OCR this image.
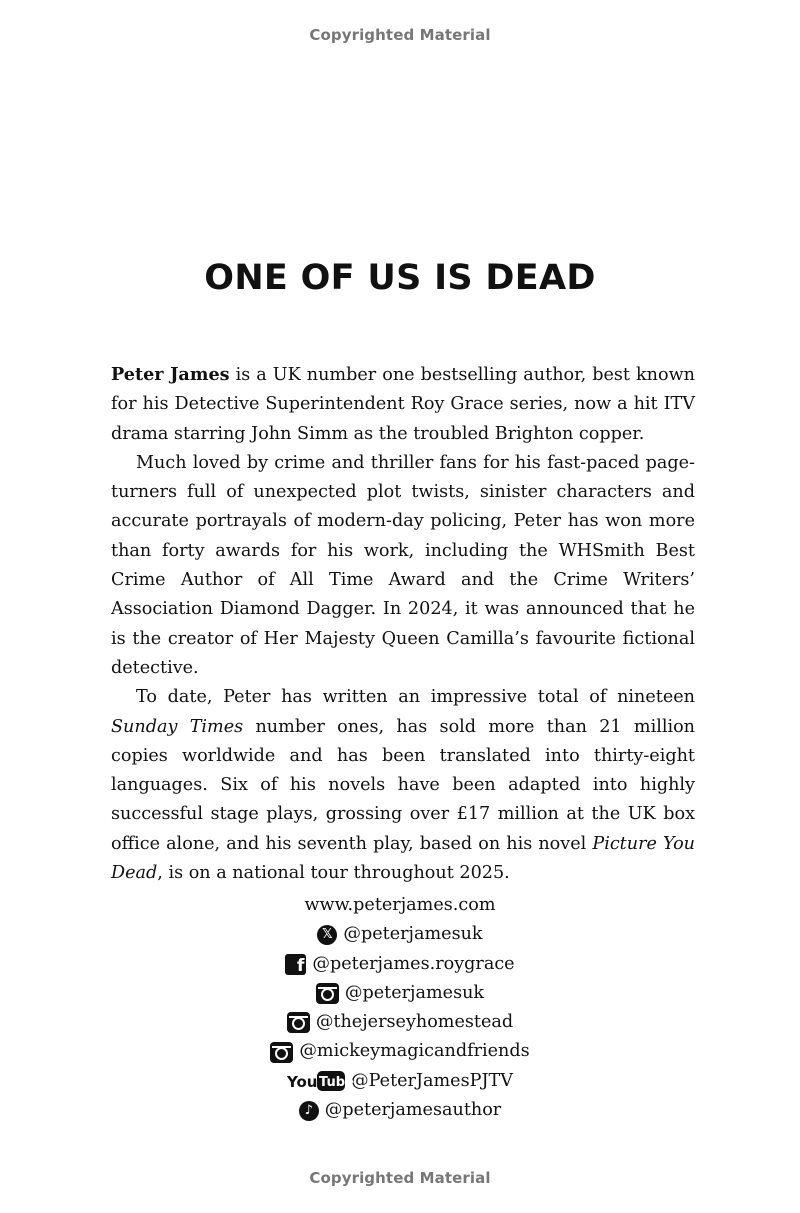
Copyrighted Material
ONE OF US IS DEAD

Peter James is a UK number one bestselling author, best known for his Detective Superintendent Roy Grace series, now a hit ITV drama starring John Simm as the troubled Brighton copper.

Much loved by crime and thriller fans for his fast-paced pageturners full of unexpected plot twists, sinister characters and accurate portrayals of modern-day policing, Peter has won more than forty awards for his work, including the WHSmith Best Crime Author of All Time Award and the Crime Writers’ Association Diamond Dagger. In 2024, it was announced that he is the creator of Her Majesty Queen Camilla’s favourite fictional detective.

To date, Peter has written an impressive total of nineteen Sunday Times number ones, has sold more than 21 million copies worldwide and has been translated into thirty-eight languages. Six of his novels have been adapted into highly successful stage plays, grossing over £17 million at the UK box office alone, and his seventh play, based on his novel Picture You Dead, is on a national tour throughout 2025.

www.peterjames.com
𝕏 @peterjamesuk
f @peterjames.roygrace
@peterjamesuk
@thejerseyhomestead
@mickeymagicandfriends
You Tube
@PeterJamesPJTV
♪ @peterjamesauthor
Copyrighted Material
